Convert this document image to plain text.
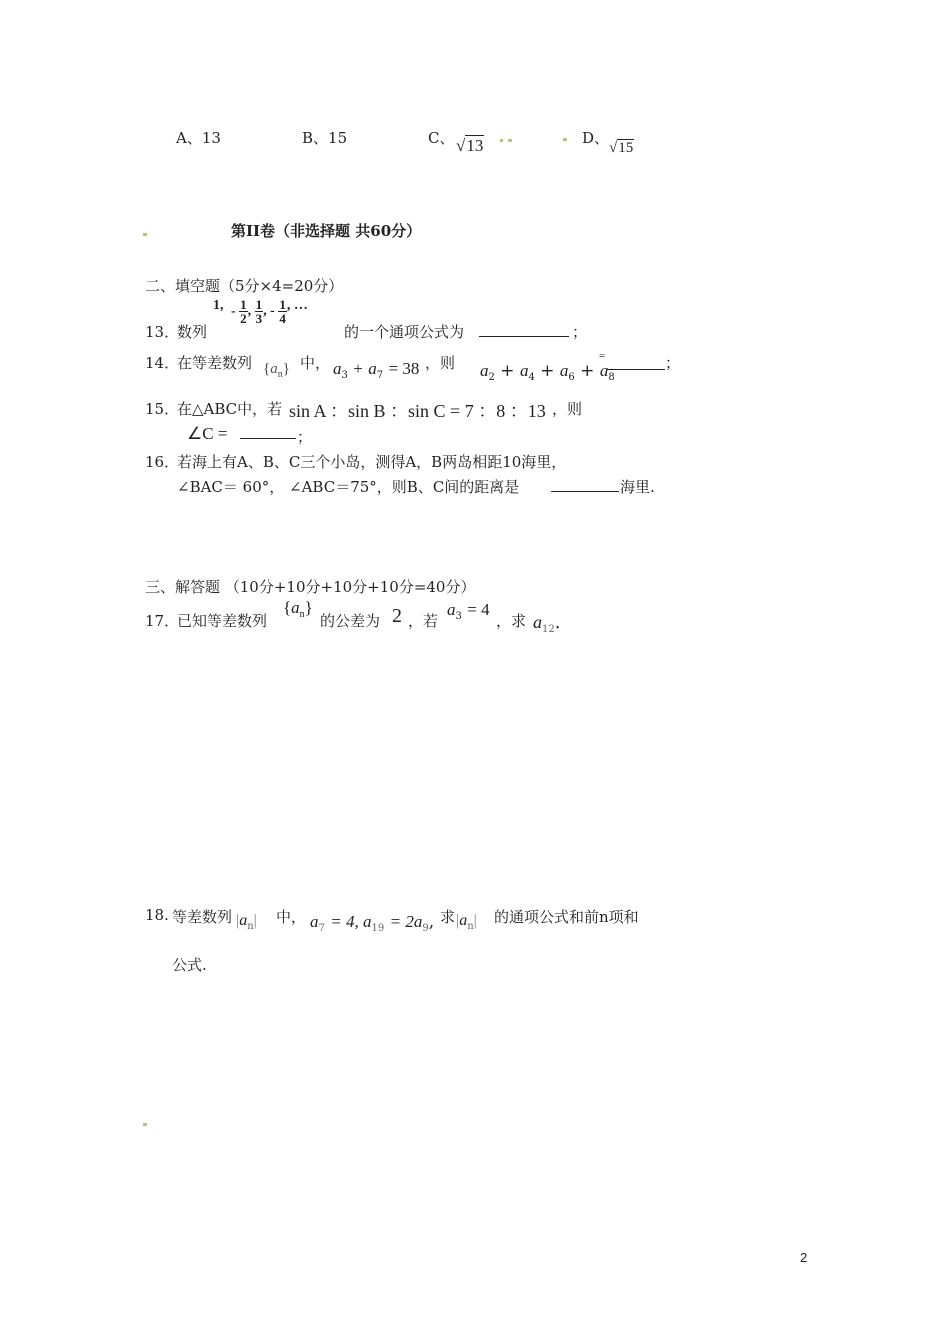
A、13	B、15	C、 √13	D、
√15
第II卷（非选择题 共60分）
二、填空题（5分×4=20分）
13．
数列
1, - $\frac{1}{2}$ , $\frac{1}{3}$ , - $\frac{1}{4}$ , …
的一个通项公式为	；
14．
在等差数列 $\{a_n\}$ 中， $a_3 + a_7 = 38$ ，则 $a_2 + a_4 + a_6 + a_8$
=	；
15．
在△ABC中，若 sin A ：sin B ：sin C = 7 ：8 ：13 ，则
∠C =	；
16．
若海上有A、B、C三个小岛，测得A，B两岛相距10海里，
∠BAC＝ 60°， ∠ABC＝75°，则B、C间的距离是	海里.
三、解答题 （10分+10分+10分+10分=40分）
17．
已知等差数列
$\{a_n\}$
的公差为 2 ，若
$a_3 = 4$
，求 $a_{12}$.
18. 等差数列 $|a_n|$ 中， $a_7 = 4$, $a_{19} = 2a_9$, 求 $|a_n|$ 的通项公式和前n项和
公式.
2
